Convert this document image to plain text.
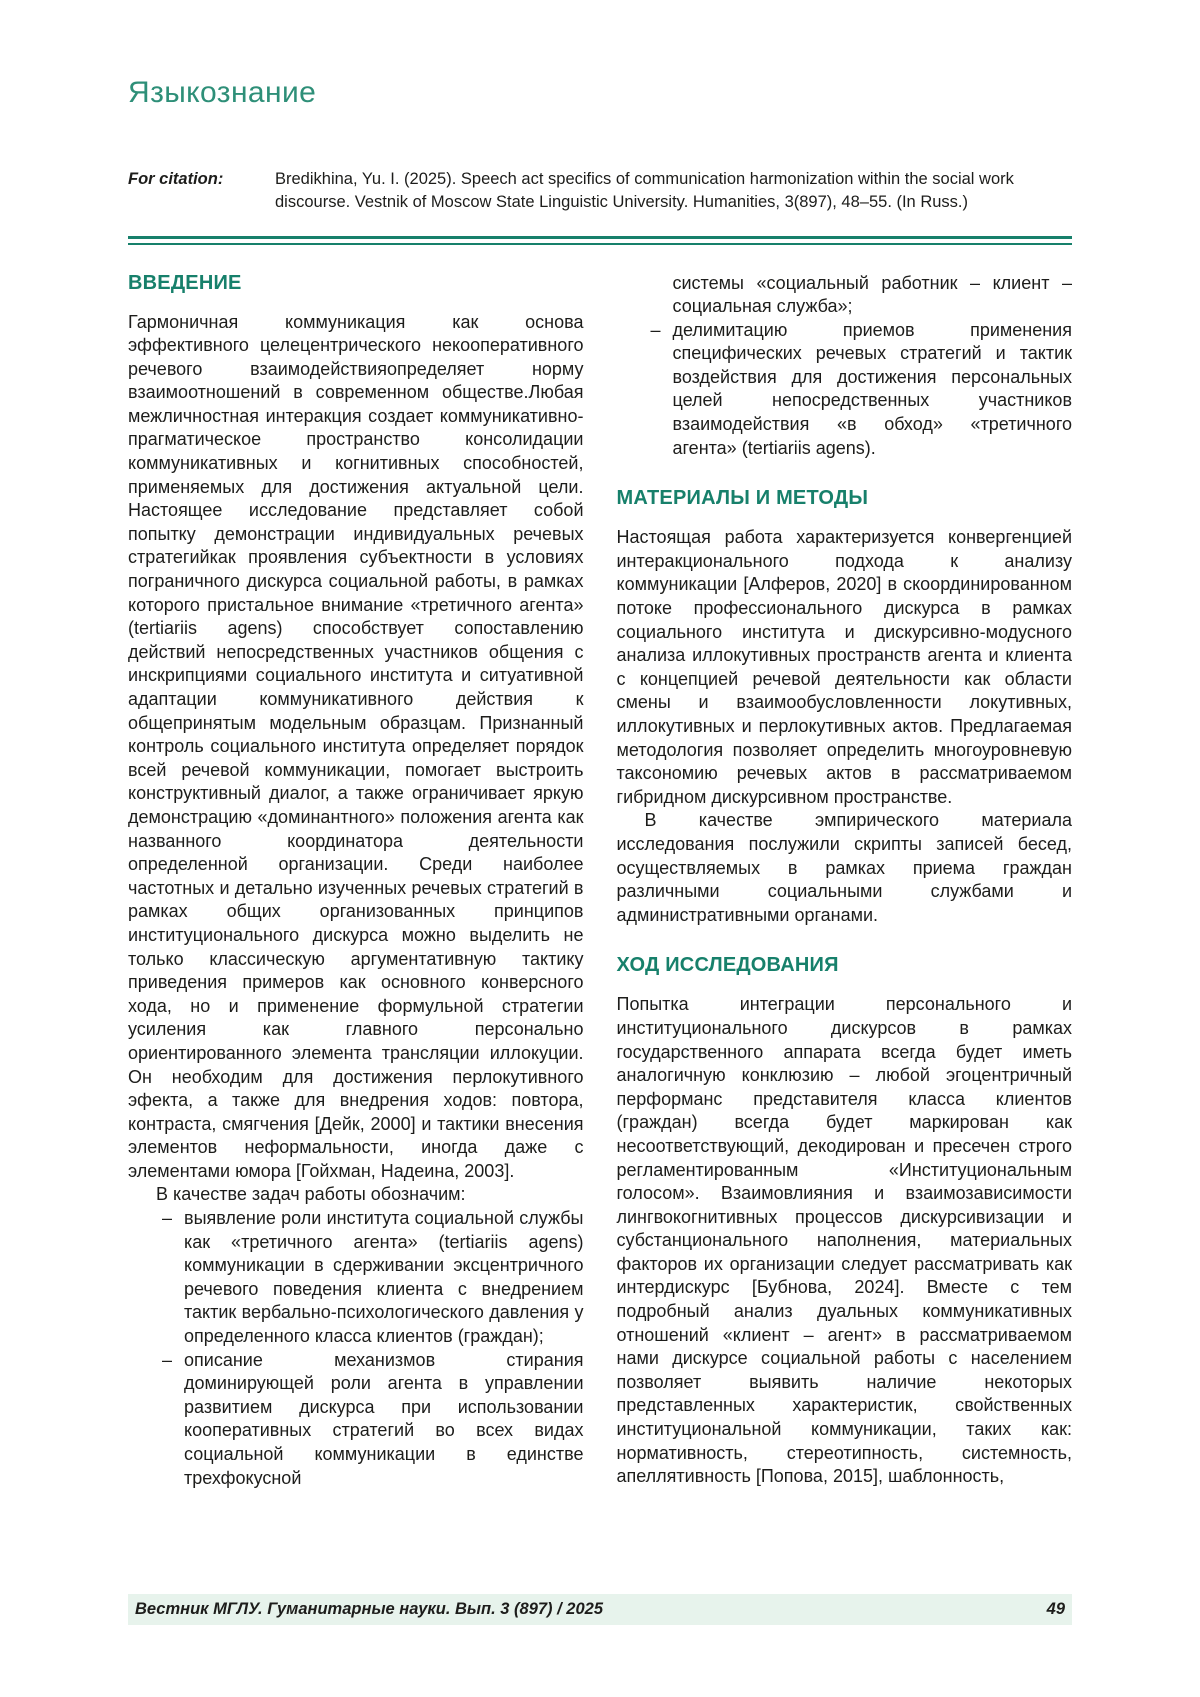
Языкознание
For citation:	Bredikhina, Yu. I. (2025). Speech act specifics of communication harmonization within the social work discourse. Vestnik of Moscow State Linguistic University. Humanities, 3(897), 48–55. (In Russ.)
ВВЕДЕНИЕ

Гармоничная коммуникация как основа эффективного целецентрического некооперативного речевого взаимодействияопределяет норму взаимоотношений в современном обществе.Любая межличностная интеракция создает коммуникативно-прагматическое пространство консолидации коммуникативных и когнитивных способностей, применяемых для достижения актуальной цели. Настоящее исследование представляет собой попытку демонстрации индивидуальных речевых стратегийкак проявления субъектности в условиях пограничного дискурса социальной работы, в рамках которого пристальное внимание «третичного агента» (tertiariis agens) способствует сопоставлению действий непосредственных участников общения с инскрипциями социального института и ситуативной адаптации коммуникативного действия к общепринятым модельным образцам. Признанный контроль социального института определяет порядок всей речевой коммуникации, помогает выстроить конструктивный диалог, а также ограничивает яркую демонстрацию «доминантного» положения агента как названного координатора деятельности определенной организации. Среди наиболее частотных и детально изученных речевых стратегий в рамках общих организованных принципов институционального дискурса можно выделить не только классическую аргументативную тактику приведения примеров как основного конверсного хода, но и применение формульной стратегии усиления как главного персонально ориентированного элемента трансляции иллокуции. Он необходим для достижения перлокутивного эфекта, а также для внедрения ходов: повтора, контраста, смягчения [Дейк, 2000] и тактики внесения элементов неформальности, иногда даже с элементами юмора [Гойхман, Надеина, 2003].

В качестве задач работы обозначим:

– выявление роли института социальной службы как «третичного агента» (tertiariis agens) коммуникации в сдерживании эксцентричного речевого поведения клиента с внедрением тактик вербально-психологического давления у определенного класса клиентов (граждан);
– описание механизмов стирания доминирующей роли агента в управлении развитием дискурса при использовании кооперативных стратегий во всех видах социальной коммуникации в единстве трехфокусной
системы «социальный работник – клиент – социальная служба»;
– делимитацию приемов применения специфических речевых стратегий и тактик воздействия для достижения персональных целей непосредственных участников взаимодействия «в обход» «третичного агента» (tertiariis agens).
МАТЕРИАЛЫ И МЕТОДЫ

Настоящая работа характеризуется конвергенцией интеракционального подхода к анализу коммуникации [Алферов, 2020] в скоординированном потоке профессионального дискурса в рамках социального института и дискурсивно-модусного анализа иллокутивных пространств агента и клиента с концепцией речевой деятельности как области смены и взаимообусловленности локутивных, иллокутивных и перлокутивных актов. Предлагаемая методология позволяет определить многоуровневую таксономию речевых актов в рассматриваемом гибридном дискурсивном пространстве.

В качестве эмпирического материала исследования послужили скрипты записей бесед, осуществляемых в рамках приема граждан различными социальными службами и административными органами.

ХОД ИССЛЕДОВАНИЯ

Попытка интеграции персонального и институционального дискурсов в рамках государственного аппарата всегда будет иметь аналогичную конклюзию – любой эгоцентричный перформанс представителя класса клиентов (граждан) всегда будет маркирован как несоответствующий, декодирован и пресечен строго регламентированным «Институциональным голосом». Взаимовлияния и взаимозависимости лингвокогнитивных процессов дискурсивизации и субстанционального наполнения, материальных факторов их организации следует рассматривать как интердискурс [Бубнова, 2024]. Вместе с тем подробный анализ дуальных коммуникативных отношений «клиент – агент» в рассматриваемом нами дискурсе социальной работы с населением позволяет выявить наличие некоторых представленных характеристик, свойственных институциональной коммуникации, таких как: нормативность, стереотипность, системность, апеллятивность [Попова, 2015], шаблонность,

Вестник МГЛУ. Гуманитарные науки. Вып. 3 (897) / 2025	49
